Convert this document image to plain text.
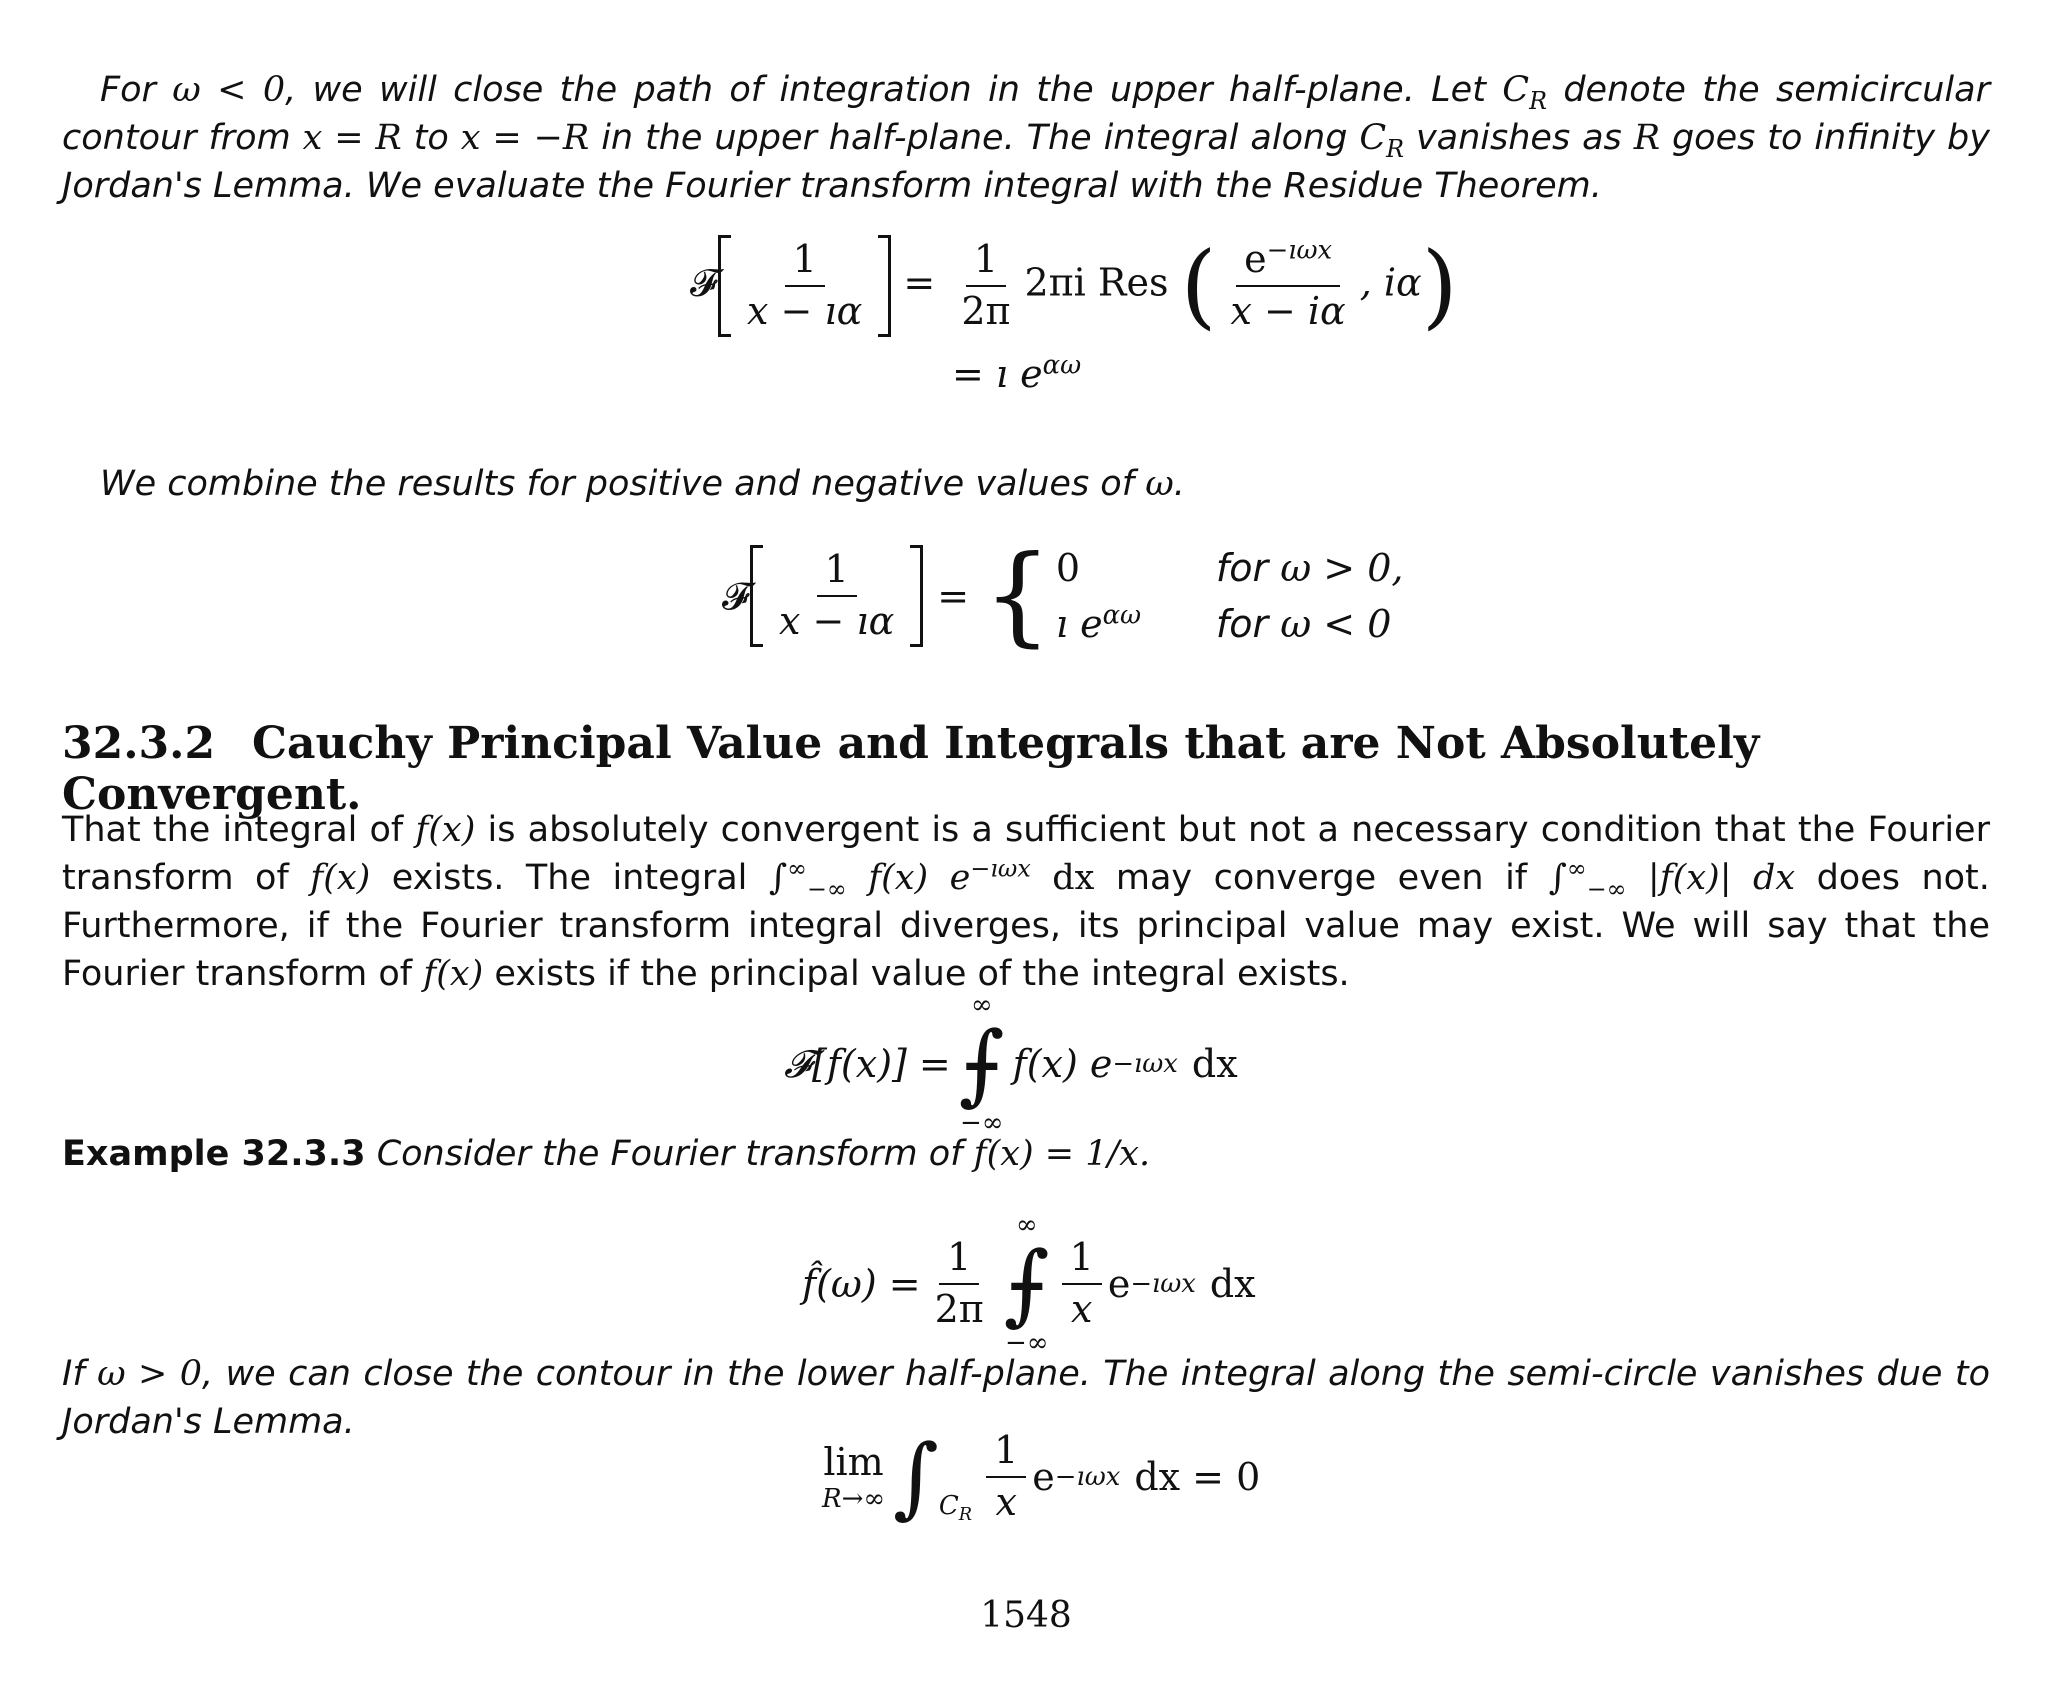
For ω < 0, we will close the path of integration in the upper half-plane. Let $C_R$ denote the semicircular contour from x = R to x = −R in the upper half-plane. The integral along $C_R$ vanishes as R goes to infinity by Jordan's Lemma. We evaluate the Fourier transform integral with the Residue Theorem.
𝓕 $\frac{1}{x - ı\alpha} = \frac{1}{2\pi} 2\pi i$ Res ( $\frac{e^{-ı\omega x}}{x - i\alpha}$ , iα)
= ı $e^{\alpha\omega}$
We combine the results for positive and negative values of ω.
𝓕 $\frac{1}{x - ı\alpha}$ = { 0	for ω > 0,
ı $e^{\alpha\omega}$	for ω < 0
32.3.2 Cauchy Principal Value and Integrals that are Not Absolutely Convergent.
That the integral of f(x) is absolutely convergent is a sufficient but not a necessary condition that the Fourier transform of f(x) exists. The integral $\int^\infty_{-\infty}$ f(x) $e^{-ı\omega x}$ dx may converge even if $\int^\infty_{-\infty}$ |f(x)| dx does not. Furthermore, if the Fourier transform integral diverges, its principal value may exist. We will say that the Fourier transform of f(x) exists if the principal value of the integral exists.
𝓕[f(x)] =
∞
⨍
−∞
f(x) e −ıωx dx
Example 32.3.3 Consider the Fourier transform of f(x) = 1/x.
f̂(ω) = $\frac{1}{2\pi}$
∞
⨍
−∞
$\frac{1}{x}$ e −ıωx dx
If ω > 0, we can close the contour in the lower half-plane. The integral along the semi-circle vanishes due to Jordan's Lemma.
lim
R→∞ ∫ $C_R \frac{1}{x}$ e −ıωx dx = 0
1548
